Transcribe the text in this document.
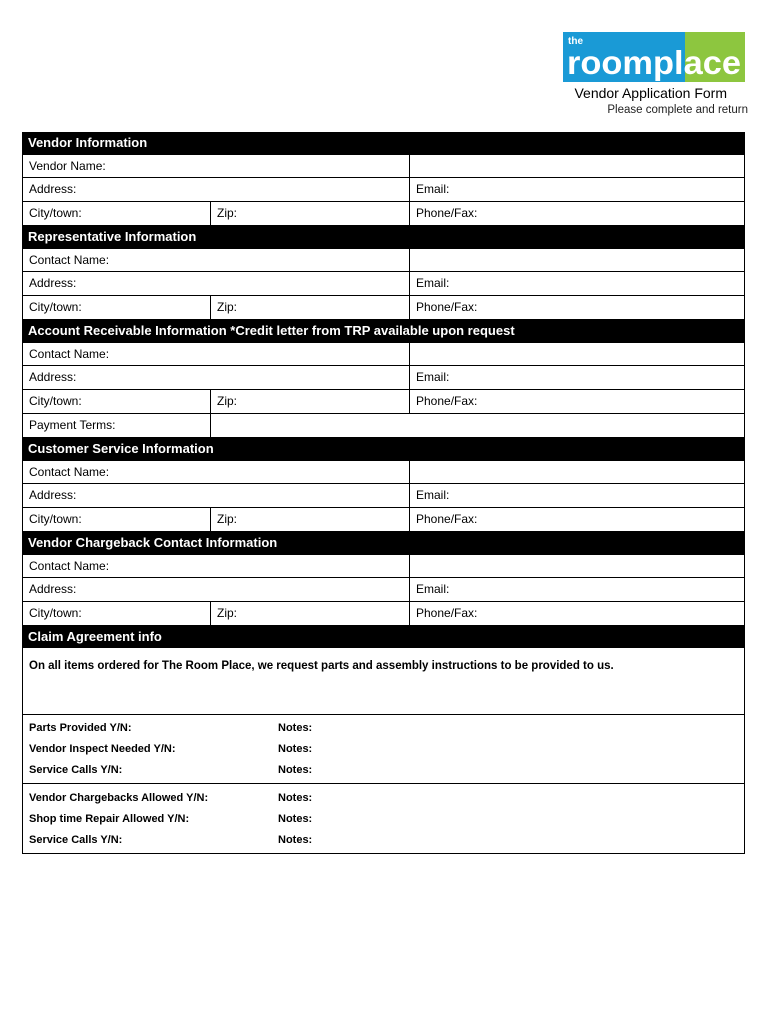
the
roomplace
Vendor Application Form
Please complete and return
Vendor Information
Vendor Name:
Address:	Email:
City/town:	Zip:	Phone/Fax:
Representative Information
Contact Name:
Address:	Email:
City/town:	Zip:	Phone/Fax:
Account Receivable Information *Credit letter from TRP available upon request
Contact Name:
Address:	Email:
City/town:	Zip:	Phone/Fax:
Payment Terms:
Customer Service Information
Contact Name:
Address:	Email:
City/town:	Zip:	Phone/Fax:
Vendor Chargeback Contact Information
Contact Name:
Address:	Email:
City/town:	Zip:	Phone/Fax:
Claim Agreement info
On all items ordered for The Room Place, we request parts and assembly instructions to be provided to us.
Parts Provided Y/N:	Notes:
Vendor Inspect Needed Y/N:	Notes:
Service Calls Y/N:	Notes:
Vendor Chargebacks Allowed Y/N:	Notes:
Shop time Repair Allowed Y/N:	Notes:
Service Calls Y/N:	Notes:
